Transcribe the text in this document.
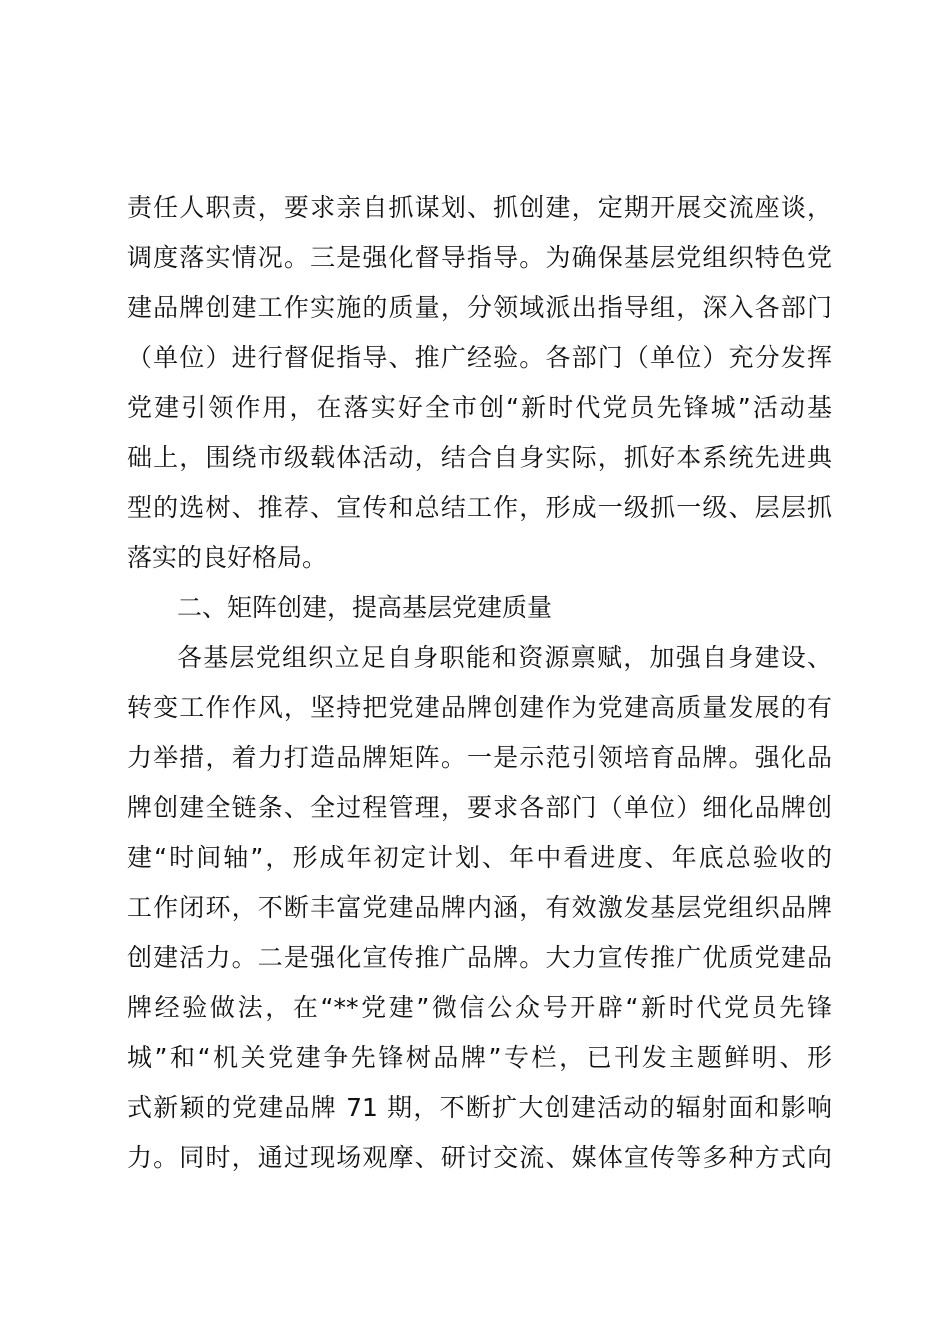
责任人职责，要求亲自抓谋划、抓创建，定期开展交流座谈，
调度落实情况。三是强化督导指导。为确保基层党组织特色党
建品牌创建工作实施的质量，分领域派出指导组，深入各部门
（单位）进行督促指导、推广经验。各部门（单位）充分发挥
党建引领作用，在落实好全市创“新时代党员先锋城”活动基
础上，围绕市级载体活动，结合自身实际，抓好本系统先进典
型的选树、推荐、宣传和总结工作，形成一级抓一级、层层抓
落实的良好格局。
二、矩阵创建，提高基层党建质量
各基层党组织立足自身职能和资源禀赋，加强自身建设、
转变工作作风，坚持把党建品牌创建作为党建高质量发展的有
力举措，着力打造品牌矩阵。一是示范引领培育品牌。强化品
牌创建全链条、全过程管理，要求各部门（单位）细化品牌创
建“时间轴”，形成年初定计划、年中看进度、年底总验收的
工作闭环，不断丰富党建品牌内涵，有效激发基层党组织品牌
创建活力。二是强化宣传推广品牌。大力宣传推广优质党建品
牌经验做法，在“**党建”微信公众号开辟“新时代党员先锋
城”和“机关党建争先锋树品牌”专栏，已刊发主题鲜明、形
式新颖的党建品牌 71 期，不断扩大创建活动的辐射面和影响
力。同时，通过现场观摩、研讨交流、媒体宣传等多种方式向
